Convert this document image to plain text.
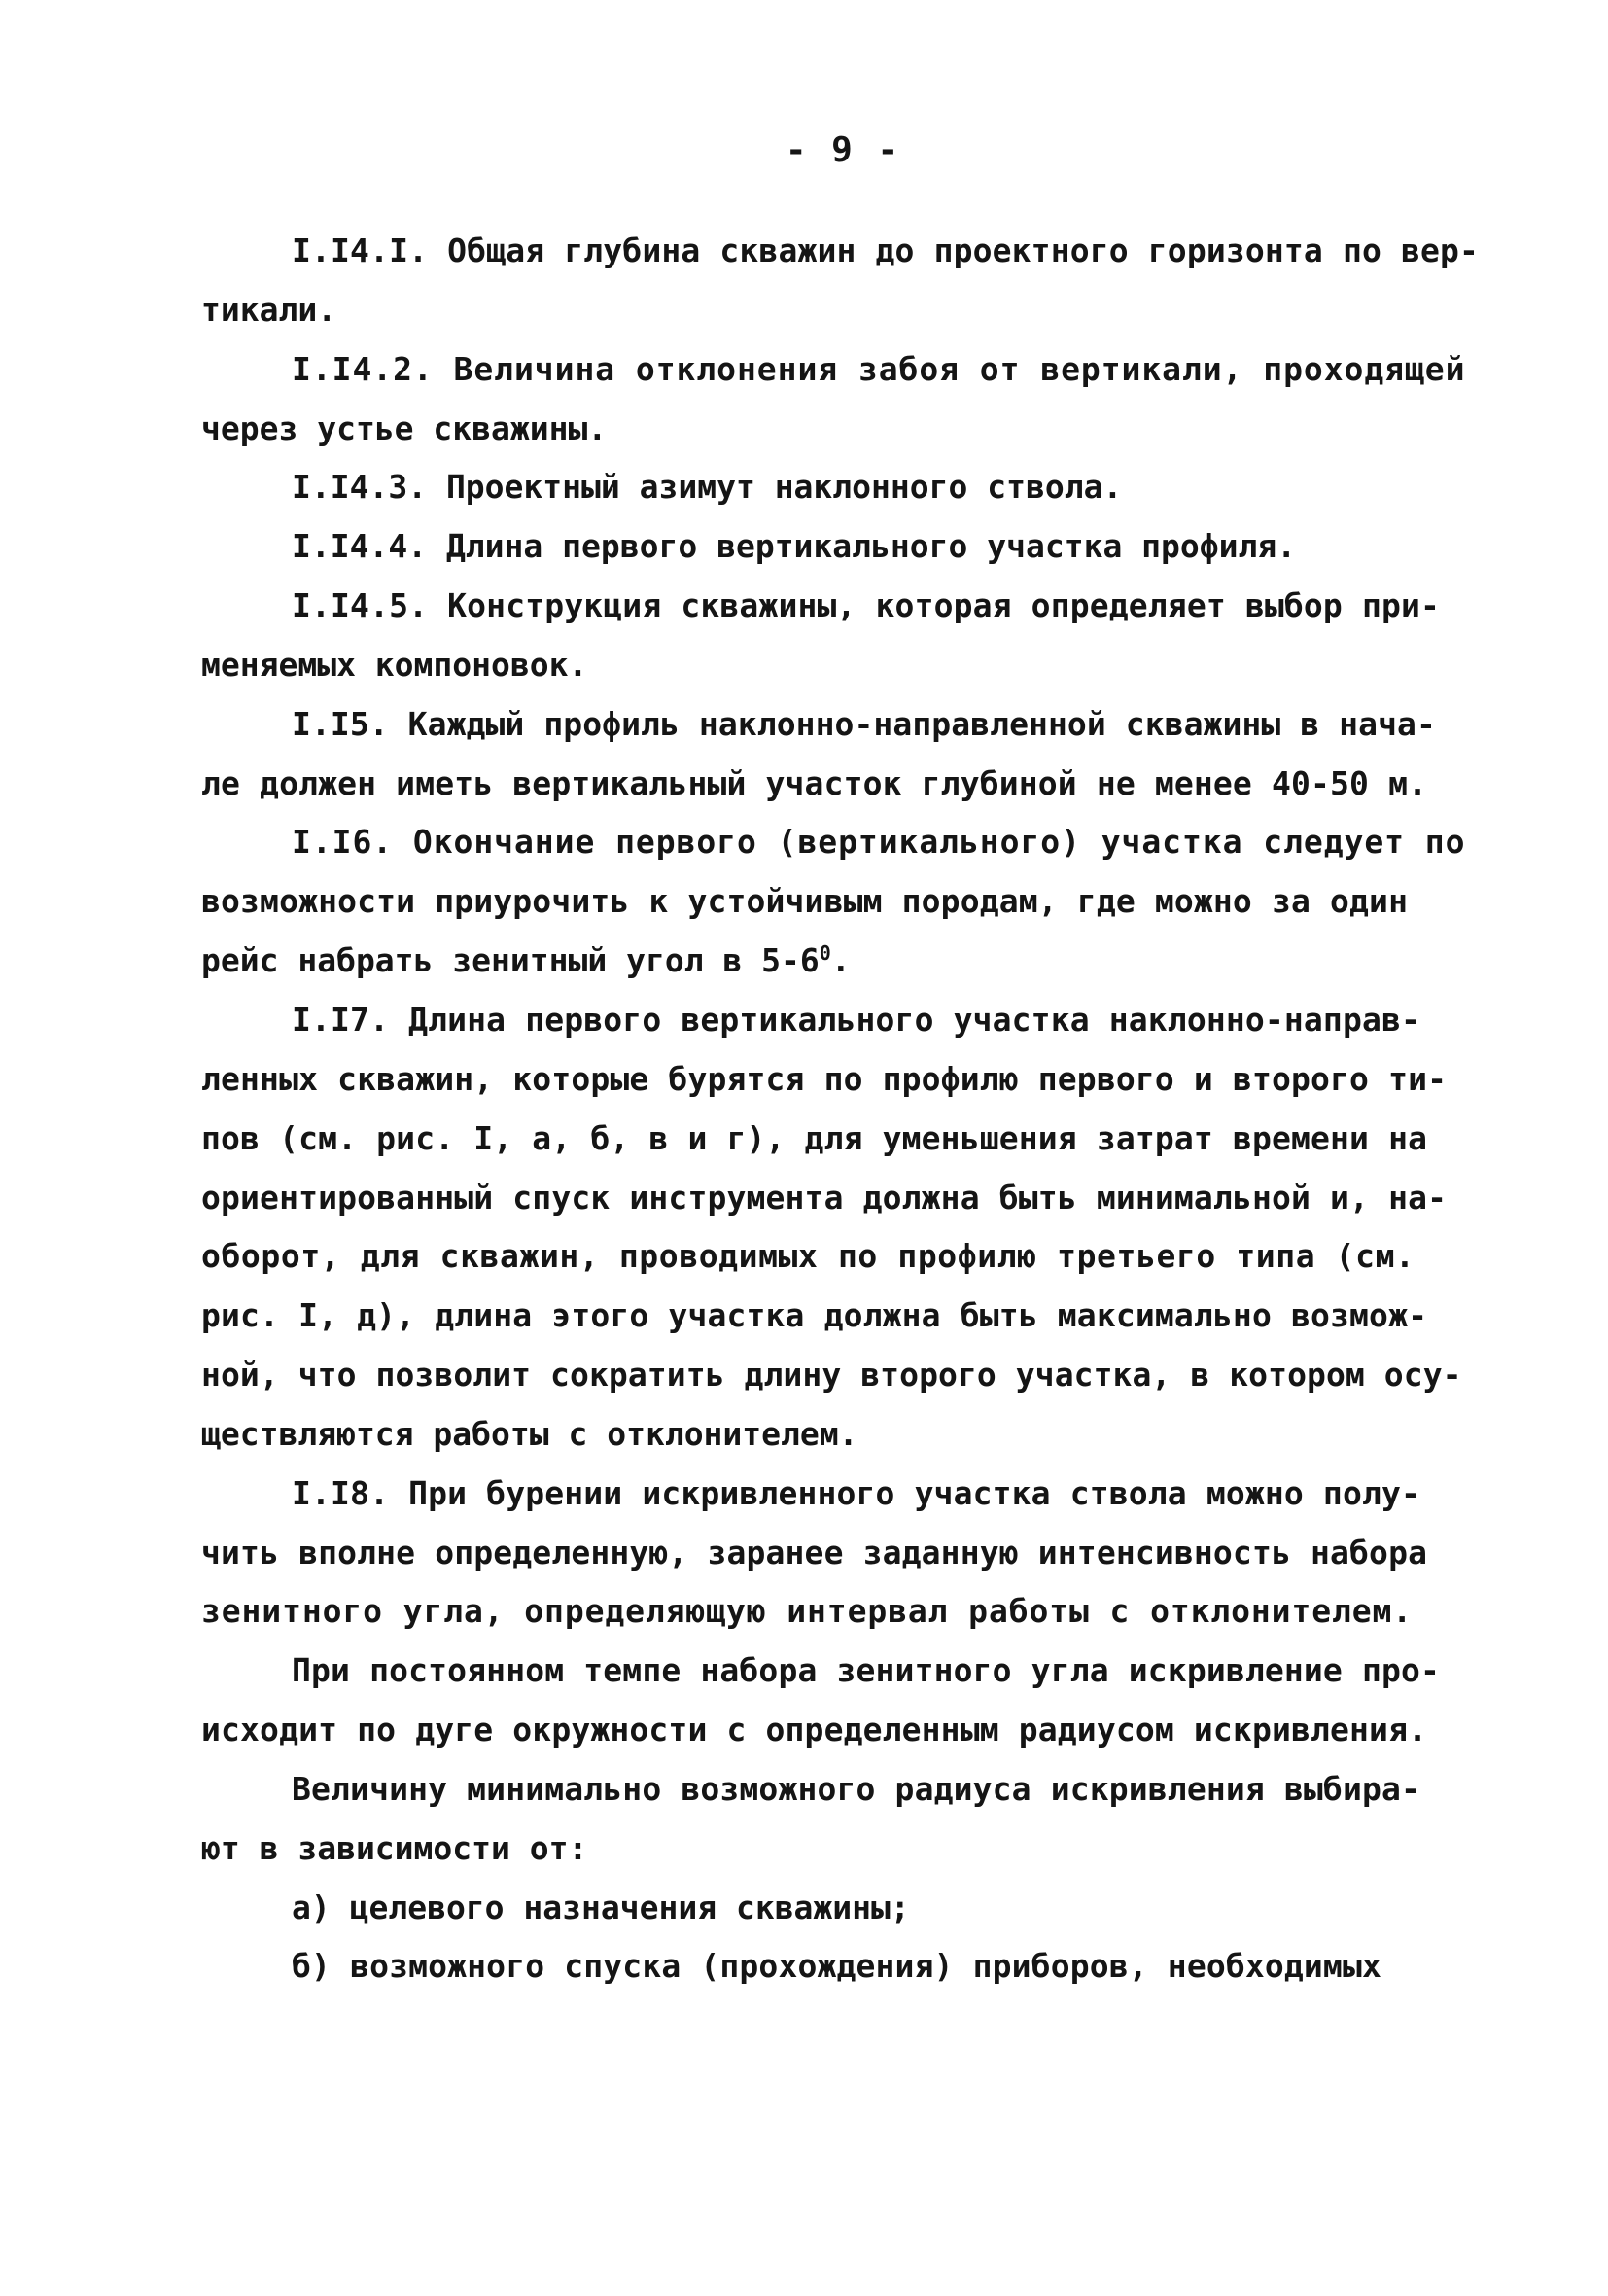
- 9 -
I.I4.I. Общая глубина скважин до проектного горизонта по вер-
тикали.
I.I4.2. Величина отклонения забоя от вертикали, проходящей
через устье скважины.
I.I4.3. Проектный азимут наклонного ствола.
I.I4.4. Длина первого вертикального участка профиля.
I.I4.5. Конструкция скважины, которая определяет выбор при-
меняемых компоновок.
I.I5. Каждый профиль наклонно-направленной скважины в нача-
ле должен иметь вертикальный участок глубиной не менее 40-50 м.
I.I6. Окончание первого (вертикального) участка следует по
возможности приурочить к устойчивым породам, где можно за один
рейс набрать зенитный угол в $5-6^0$.
I.I7. Длина первого вертикального участка наклонно-направ-
ленных скважин, которые бурятся по профилю первого и второго ти-
пов (см. рис. I, а, б, в и г), для уменьшения затрат времени на
ориентированный спуск инструмента должна быть минимальной и, на-
оборот, для скважин, проводимых по профилю третьего типа (см.
рис. I, д), длина этого участка должна быть максимально возмож-
ной, что позволит сократить длину второго участка, в котором осу-
ществляются работы с отклонителем.
I.I8. При бурении искривленного участка ствола можно полу-
чить вполне определенную, заранее заданную интенсивность набора
зенитного угла, определяющую интервал работы с отклонителем.
При постоянном темпе набора зенитного угла искривление про-
исходит по дуге окружности с определенным радиусом искривления.
Величину минимально возможного радиуса искривления выбира-
ют в зависимости от:
а) целевого назначения скважины;
б) возможного спуска (прохождения) приборов, необходимых
